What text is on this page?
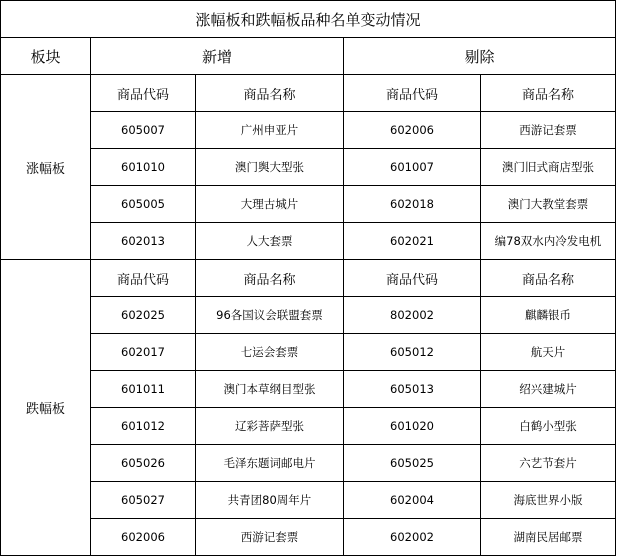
涨幅板和跌幅板品种名单变动情况				
板块	新增		剔除	
涨幅板	商品代码	商品名称	商品代码	商品名称
	605007	广州申亚片	602006	西游记套票
	601010	澳门舆大型张	601007	澳门旧式商店型张
	605005	大理古城片	602018	澳门大教堂套票
	602013	人大套票	602021	编78双水内冷发电机
跌幅板	商品代码	商品名称	商品代码	商品名称
	602025	96各国议会联盟套票	802002	麒麟银币
	602017	七运会套票	605012	航天片
	601011	澳门本草纲目型张	605013	绍兴建城片
	601012	辽彩菩萨型张	601020	白鹤小型张
	605026	毛泽东题词邮电片	605025	六艺节套片
	605027	共青团80周年片	602004	海底世界小版
	602006	西游记套票	602002	湖南民居邮票
